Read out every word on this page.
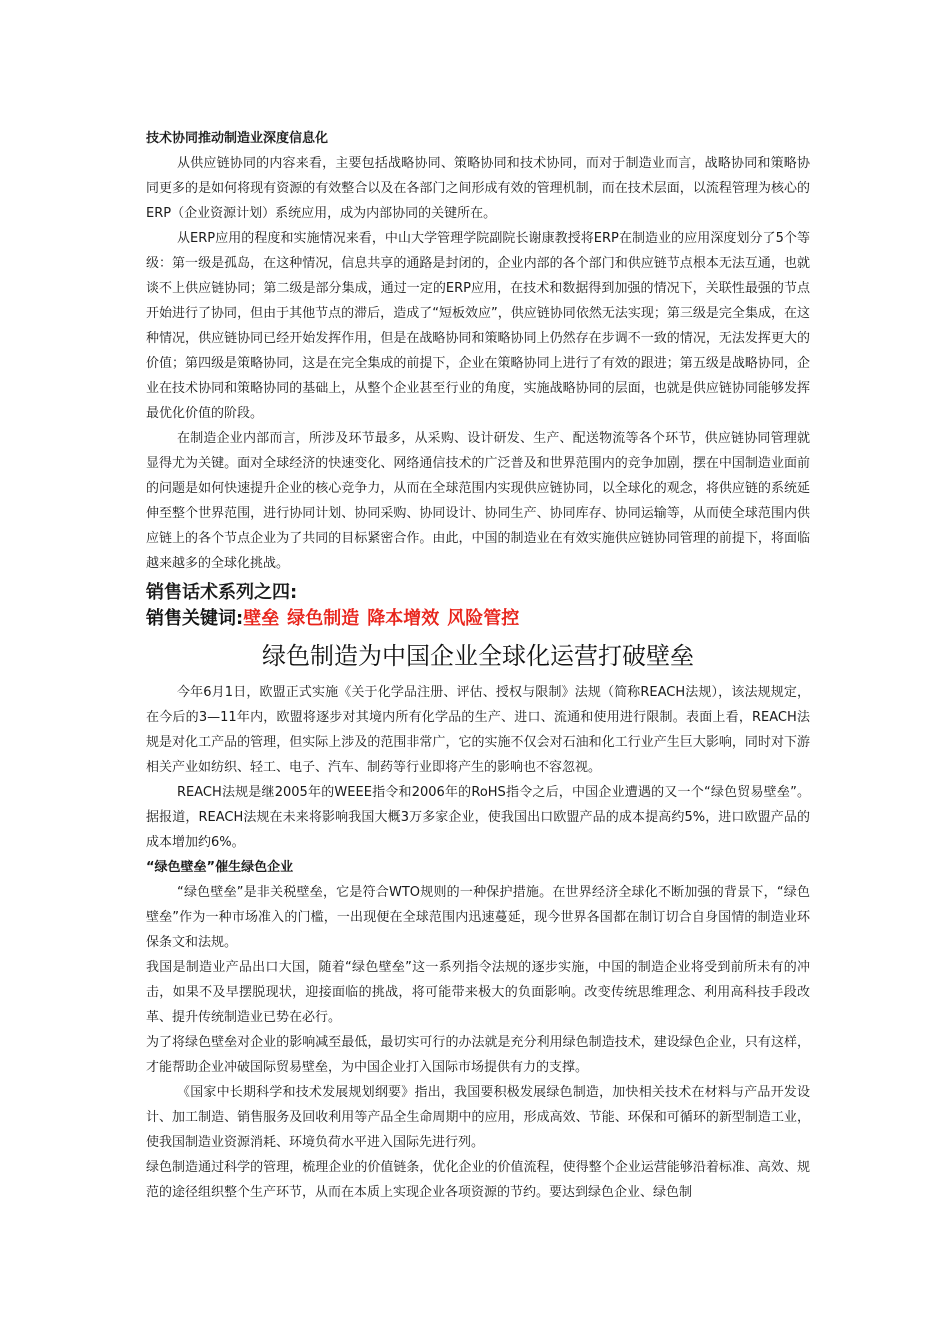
技术协同推动制造业深度信息化

从供应链协同的内容来看，主要包括战略协同、策略协同和技术协同，而对于制造业而言，战略协同和策略协同更多的是如何将现有资源的有效整合以及在各部门之间形成有效的管理机制，而在技术层面，以流程管理为核心的ERP（企业资源计划）系统应用，成为内部协同的关键所在。

从ERP应用的程度和实施情况来看，中山大学管理学院副院长谢康教授将ERP在制造业的应用深度划分了5个等级：第一级是孤岛，在这种情况，信息共享的通路是封闭的，企业内部的各个部门和供应链节点根本无法互通，也就谈不上供应链协同；第二级是部分集成，通过一定的ERP应用，在技术和数据得到加强的情况下，关联性最强的节点开始进行了协同，但由于其他节点的滞后，造成了“短板效应”，供应链协同依然无法实现；第三级是完全集成，在这种情况，供应链协同已经开始发挥作用，但是在战略协同和策略协同上仍然存在步调不一致的情况，无法发挥更大的价值；第四级是策略协同，这是在完全集成的前提下，企业在策略协同上进行了有效的跟进；第五级是战略协同，企业在技术协同和策略协同的基础上，从整个企业甚至行业的角度，实施战略协同的层面，也就是供应链协同能够发挥最优化价值的阶段。

在制造企业内部而言，所涉及环节最多，从采购、设计研发、生产、配送物流等各个环节，供应链协同管理就显得尤为关键。面对全球经济的快速变化、网络通信技术的广泛普及和世界范围内的竞争加剧，摆在中国制造业面前的问题是如何快速提升企业的核心竞争力，从而在全球范围内实现供应链协同，以全球化的观念，将供应链的系统延伸至整个世界范围，进行协同计划、协同采购、协同设计、协同生产、协同库存、协同运输等，从而使全球范围内供应链上的各个节点企业为了共同的目标紧密合作。由此，中国的制造业在有效实施供应链协同管理的前提下，将面临越来越多的全球化挑战。

销售话术系列之四:

销售关键词:壁垒 绿色制造 降本增效 风险管控

绿色制造为中国企业全球化运营打破壁垒

今年6月1日，欧盟正式实施《关于化学品注册、评估、授权与限制》法规（简称REACH法规），该法规规定，在今后的3—11年内，欧盟将逐步对其境内所有化学品的生产、进口、流通和使用进行限制。表面上看，REACH法规是对化工产品的管理，但实际上涉及的范围非常广，它的实施不仅会对石油和化工行业产生巨大影响，同时对下游相关产业如纺织、轻工、电子、汽车、制药等行业即将产生的影响也不容忽视。

REACH法规是继2005年的WEEE指令和2006年的RoHS指令之后，中国企业遭遇的又一个“绿色贸易壁垒”。据报道，REACH法规在未来将影响我国大概3万多家企业，使我国出口欧盟产品的成本提高约5%，进口欧盟产品的成本增加约6%。

“绿色壁垒”催生绿色企业

“绿色壁垒”是非关税壁垒，它是符合WTO规则的一种保护措施。在世界经济全球化不断加强的背景下，“绿色壁垒”作为一种市场准入的门槛，一出现便在全球范围内迅速蔓延，现今世界各国都在制订切合自身国情的制造业环保条文和法规。

我国是制造业产品出口大国，随着“绿色壁垒”这一系列指令法规的逐步实施，中国的制造企业将受到前所未有的冲击，如果不及早摆脱现状，迎接面临的挑战，将可能带来极大的负面影响。改变传统思维理念、利用高科技手段改革、提升传统制造业已势在必行。

为了将绿色壁垒对企业的影响减至最低，最切实可行的办法就是充分利用绿色制造技术，建设绿色企业，只有这样，才能帮助企业冲破国际贸易壁垒，为中国企业打入国际市场提供有力的支撑。

《国家中长期科学和技术发展规划纲要》指出，我国要积极发展绿色制造，加快相关技术在材料与产品开发设计、加工制造、销售服务及回收利用等产品全生命周期中的应用，形成高效、节能、环保和可循环的新型制造工业，使我国制造业资源消耗、环境负荷水平进入国际先进行列。

绿色制造通过科学的管理，梳理企业的价值链条，优化企业的价值流程，使得整个企业运营能够沿着标准、高效、规范的途径组织整个生产环节，从而在本质上实现企业各项资源的节约。要达到绿色企业、绿色制
